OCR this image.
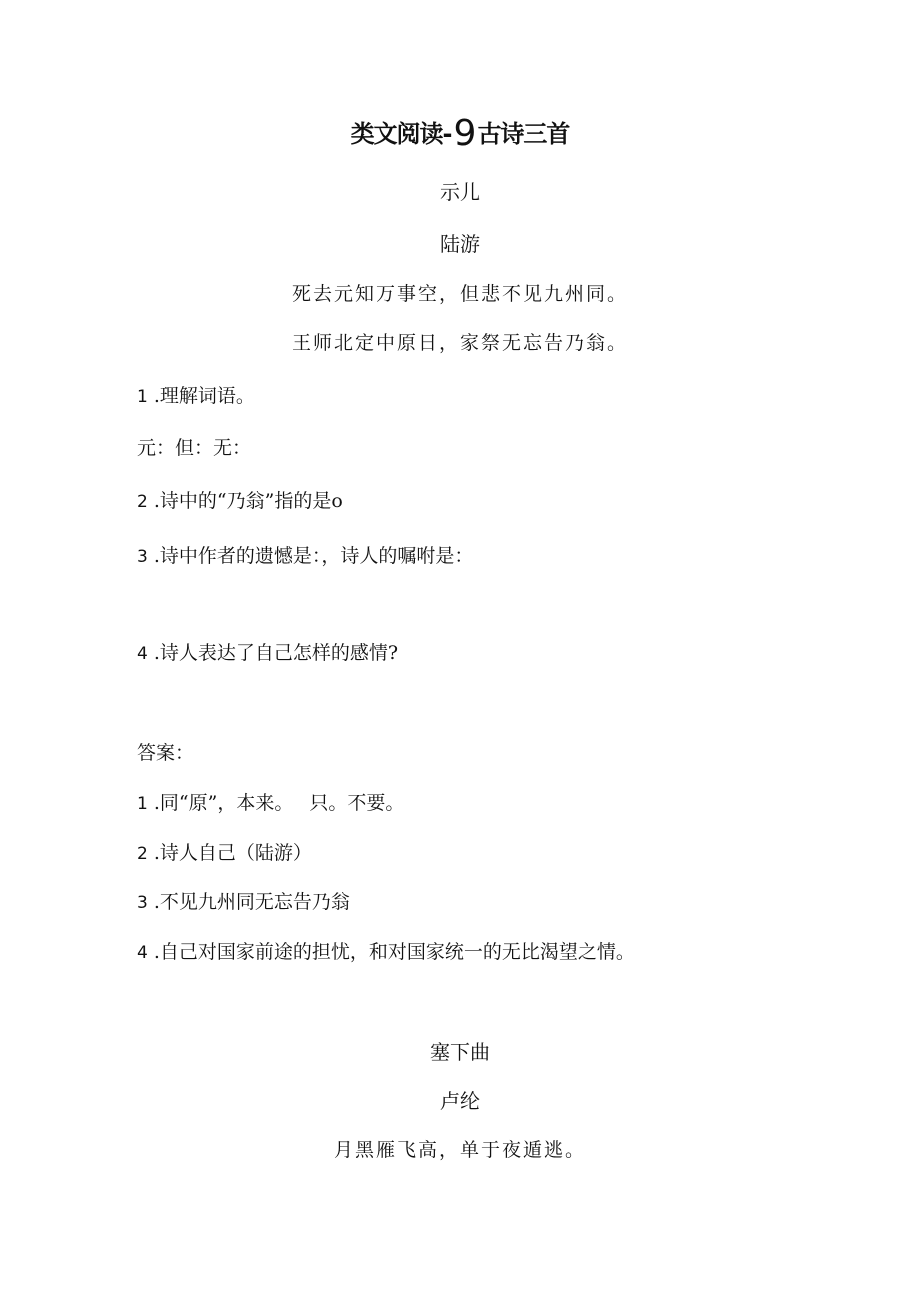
类文阅读-9古诗三首
示儿
陆游
死去元知万事空，但悲不见九州同。
王师北定中原日，家祭无忘告乃翁。
1 .理解词语。
元：但：无：
2 .诗中的“乃翁”指的是o
3 .诗中作者的遗憾是：，诗人的嘱咐是：
4 .诗人表达了自己怎样的感情?
答案：
1 .同“原”，本来。 只。不要。
2 .诗人自己（陆游）
3 .不见九州同无忘告乃翁
4 .自己对国家前途的担忧，和对国家统一的无比渴望之情。
塞下曲
卢纶
月黑雁飞高，单于夜遁逃。
